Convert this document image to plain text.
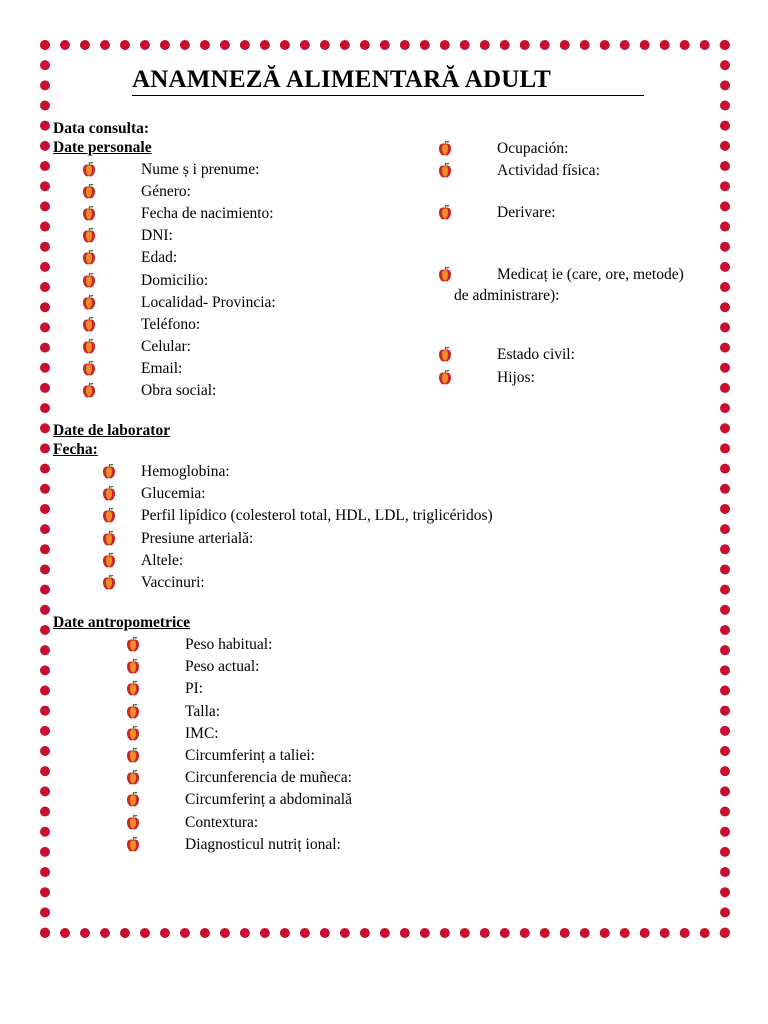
ANAMNEZĂ ALIMENTARĂ ADULT
Data consulta:
Date personale
Nume ș i prenume:
Género:
Fecha de nacimiento:
DNI:
Edad:
Domicilio:
Localidad- Provincia:
Teléfono:
Celular:
Email:
Obra social:
Ocupación:
Actividad física:
Derivare:
Medicaț ie (care, ore, metode)
de administrare):
Estado civil:
Hijos:
Date de laborator
Fecha:
Hemoglobina:
Glucemia:
Perfil lipídico (colesterol total, HDL, LDL, triglicéridos)
Presiune arterială:
Altele:
Vaccinuri:
Date antropometrice
Peso habitual:
Peso actual:
PI:
Talla:
IMC:
Circumferinț a taliei:
Circunferencia de muñeca:
Circumferinț a abdominală
Contextura:
Diagnosticul nutriț ional:
